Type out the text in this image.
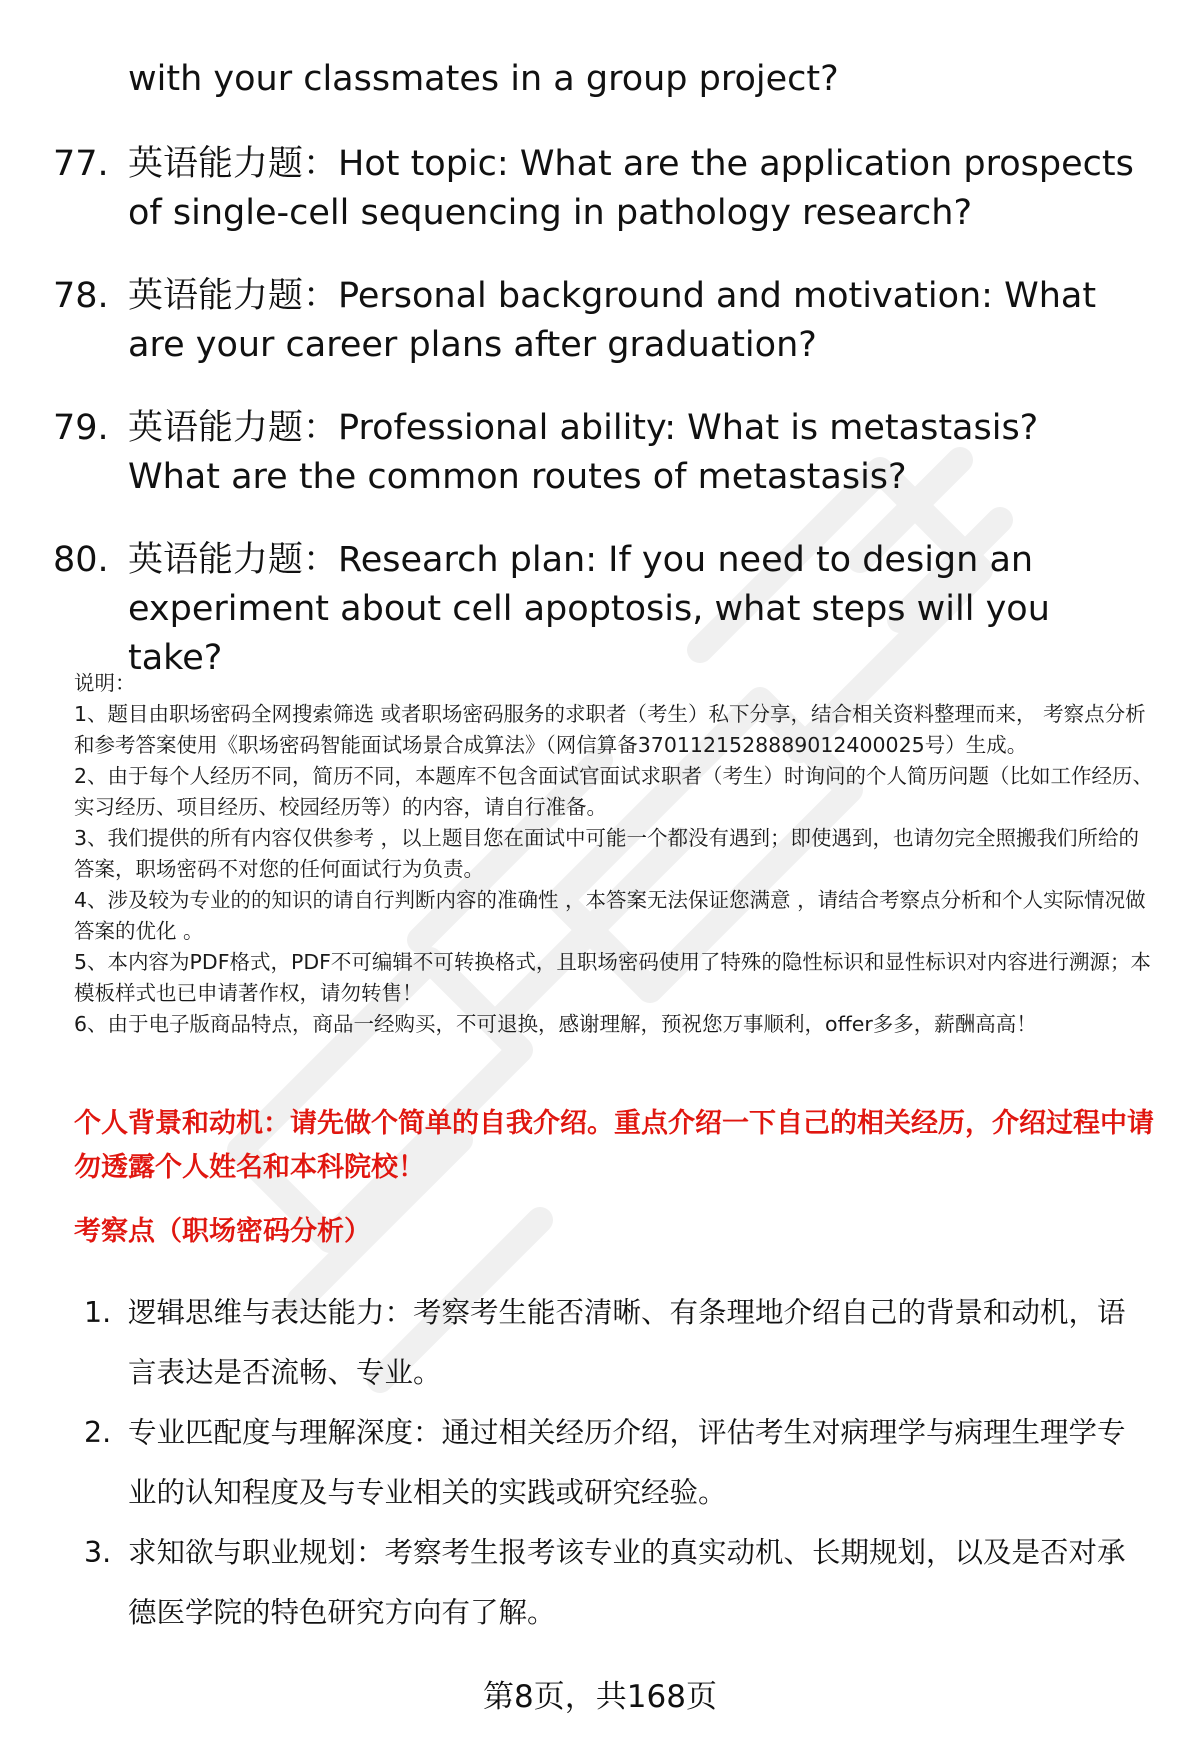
with your classmates in a group project?
77. 英语能力题：Hot topic: What are the application prospects of single-cell sequencing in pathology research?
78. 英语能力题：Personal background and motivation: What are your career plans after graduation?
79. 英语能力题：Professional ability: What is metastasis? What are the common routes of metastasis?
80. 英语能力题：Research plan: If you need to design an experiment about cell apoptosis, what steps will you take?
说明：
1、题目由职场密码全网搜索筛选 或者职场密码服务的求职者（考生）私下分享，结合相关资料整理而来， 考察点分析和参考答案使用《职场密码智能面试场景合成算法》（网信算备3701121528889012400025号）生成。
2、由于每个人经历不同，简历不同，本题库不包含面试官面试求职者（考生）时询问的个人简历问题（比如工作经历、实习经历、项目经历、校园经历等）的内容，请自行准备。
3、我们提供的所有内容仅供参考 ，以上题目您在面试中可能一个都没有遇到；即使遇到，也请勿完全照搬我们所给的答案，职场密码不对您的任何面试行为负责。
4、涉及较为专业的的知识的请自行判断内容的准确性 ，本答案无法保证您满意 ，请结合考察点分析和个人实际情况做答案的优化 。
5、本内容为PDF格式，PDF不可编辑不可转换格式，且职场密码使用了特殊的隐性标识和显性标识对内容进行溯源；本模板样式也已申请著作权，请勿转售！
6、由于电子版商品特点，商品一经购买，不可退换，感谢理解，预祝您万事顺利，offer多多，薪酬高高！
个人背景和动机：请先做个简单的自我介绍。重点介绍一下自己的相关经历，介绍过程中请勿透露个人姓名和本科院校！
考察点（职场密码分析）
1. 逻辑思维与表达能力：考察考生能否清晰、有条理地介绍自己的背景和动机，语言表达是否流畅、专业。
2. 专业匹配度与理解深度：通过相关经历介绍，评估考生对病理学与病理生理学专业的认知程度及与专业相关的实践或研究经验。
3. 求知欲与职业规划：考察考生报考该专业的真实动机、长期规划，以及是否对承德医学院的特色研究方向有了解。
第8页，共168页
